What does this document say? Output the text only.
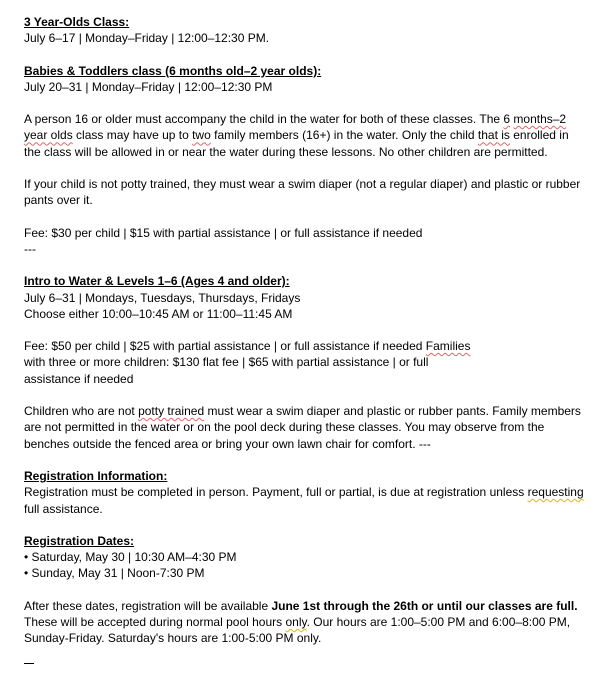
3 Year-Olds Class:

July 6–17 | Monday–Friday | 12:00–12:30 PM.

Babies & Toddlers class (6 months old–2 year olds):

July 20–31 | Monday–Friday | 12:00–12:30 PM

A person 16 or older must accompany the child in the water for both of these classes. The 6 months–2 year olds class may have up to two family members (16+) in the water. Only the child that is enrolled in the class will be allowed in or near the water during these lessons. No other children are permitted.

If your child is not potty trained, they must wear a swim diaper (not a regular diaper) and plastic or rubber pants over it.

Fee: $30 per child | $15 with partial assistance | or full assistance if needed

---

Intro to Water & Levels 1–6 (Ages 4 and older):

July 6–31 | Mondays, Tuesdays, Thursdays, Fridays

Choose either 10:00–10:45 AM or 11:00–11:45 AM

Fee: $50 per child | $25 with partial assistance | or full assistance if needed Families
with three or more children: $130 flat fee | $65 with partial assistance | or full
assistance if needed

Children who are not potty trained must wear a swim diaper and plastic or rubber pants. Family members are not permitted in the water or on the pool deck during these classes. You may observe from the benches outside the fenced area or bring your own lawn chair for comfort. ---

Registration Information:

Registration must be completed in person. Payment, full or partial, is due at registration unless requesting full assistance.

Registration Dates:

• Saturday, May 30 | 10:30 AM–4:30 PM

• Sunday, May 31 | Noon-7:30 PM

After these dates, registration will be available June 1st through the 26th or until our classes are full. These will be accepted during normal pool hours only. Our hours are 1:00–5:00 PM and 6:00–8:00 PM, Sunday-Friday. Saturday's hours are 1:00-5:00 PM only.
